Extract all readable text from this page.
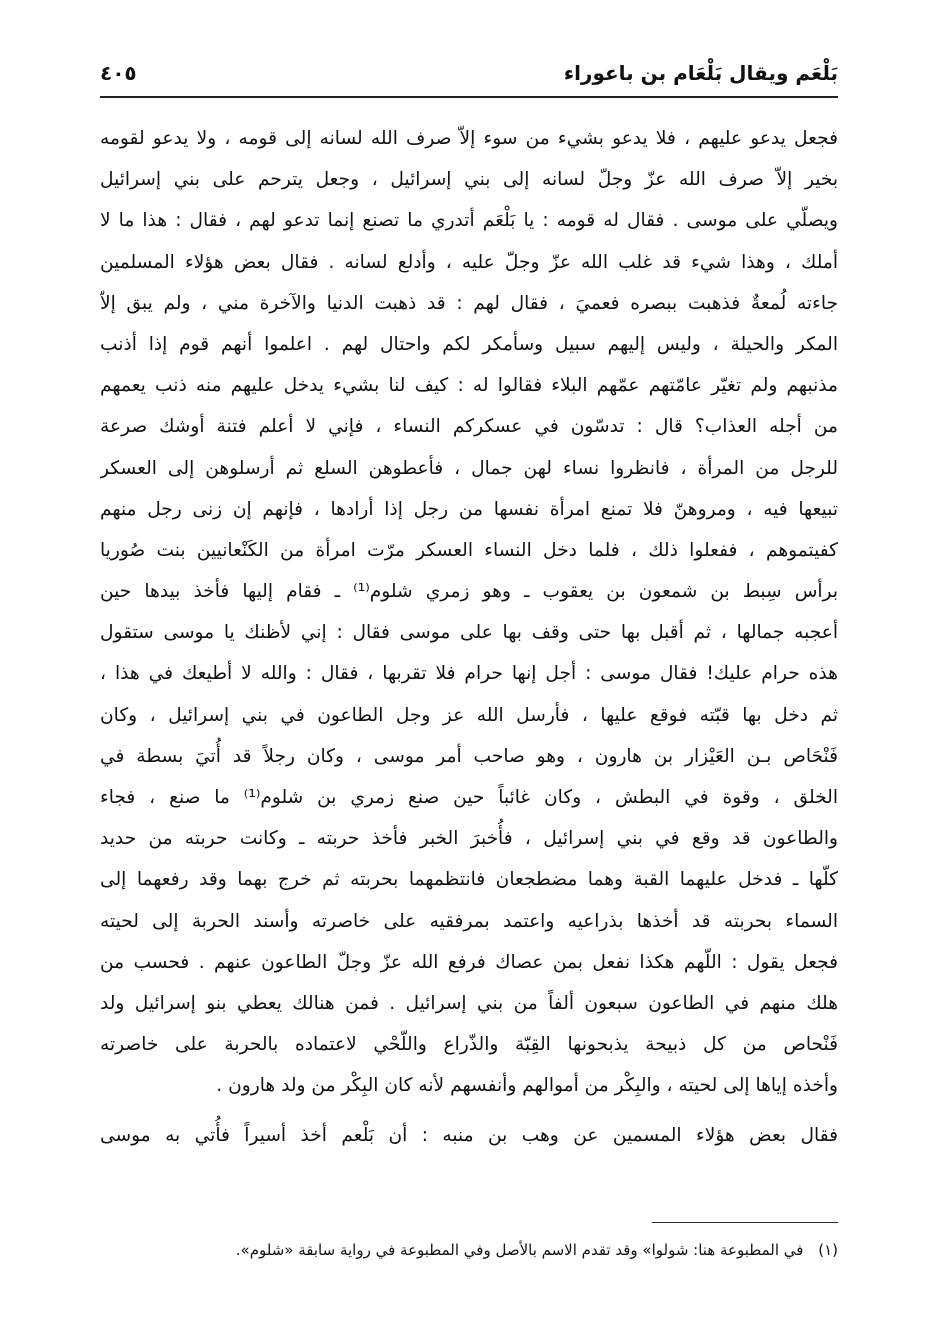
بَلْعَم ويقال بَلْعَام بن باعوراء
٤٠٥
فجعل يدعو عليهم ، فلا يدعو بشيء من سوء إلاّ صرف الله لسانه إلى قومه ، ولا يدعو لقومه
بخير إلاّ صرف الله عزّ وجلّ لسانه إلى بني إسرائيل ، وجعل يترحم على بني إسرائيل
ويصلّي على موسى . فقال له قومه : يا بَلْعَم أتدري ما تصنع إنما تدعو لهم ، فقال : هذا ما لا
أملك ، وهذا شيء قد غلب الله عزّ وجلّ عليه ، وأدلع لسانه . فقال بعض هؤلاء المسلمين
جاءته لُمعةٌ فذهبت ببصره فعميَ ، فقال لهم : قد ذهبت الدنيا والآخرة مني ، ولم يبق إلاّ
المكر والحيلة ، وليس إليهم سبيل وسأمكر لكم واحتال لهم . اعلموا أنهم قوم إذا أذنب
مذنبهم ولم تغيّر عامّتهم عمّهم البلاء فقالوا له : كيف لنا بشيء يدخل عليهم منه ذنب يعمهم
من أجله العذاب؟ قال : تدسّون في عسكركم النساء ، فإني لا أعلم فتنة أوشك صرعة
للرجل من المرأة ، فانظروا نساء لهن جمال ، فأعطوهن السلع ثم أرسلوهن إلى العسكر
تبيعها فيه ، ومروهنّ فلا تمنع امرأة نفسها من رجل إذا أرادها ، فإنهم إن زنى رجل منهم
كفيتموهم ، ففعلوا ذلك ، فلما دخل النساء العسكر مرّت امرأة من الكَنْعانيين بنت صُوريا
برأس سِبط بن شمعون بن يعقوب ـ وهو زمري شلوم⁽¹⁾ ـ فقام إليها فأخذ بيدها حين
أعجبه جمالها ، ثم أقبل بها حتى وقف بها على موسى فقال : إني لأظنك يا موسى ستقول
هذه حرام عليك! فقال موسى : أجل إنها حرام فلا تقربها ، فقال : والله لا أطيعك في هذا ،
ثم دخل بها قبّته فوقع عليها ، فأرسل الله عز وجل الطاعون في بني إسرائيل ، وكان
فَنْحَاص بـن العَيْزار بن هارون ، وهو صاحب أمر موسى ، وكان رجلاً قد أُتيَ بسطة في
الخلق ، وقوة في البطش ، وكان غائباً حين صنع زمري بن شلوم⁽¹⁾ ما صنع ، فجاء
والطاعون قد وقع في بني إسرائيل ، فأُخبرَ الخبر فأخذ حربته ـ وكانت حربته من حديد
كلّها ـ فدخل عليهما القبة وهما مضطجعان فانتظمهما بحربته ثم خرج بهما وقد رفعهما إلى
السماء بحربته قد أخذها بذراعيه واعتمد بمرفقيه على خاصرته وأسند الحربة إلى لحيته
فجعل يقول : اللّهم هكذا نفعل بمن عصاك فرفع الله عزّ وجلّ الطاعون عنهم . فحسب من
هلك منهم في الطاعون سبعون ألفاً من بني إسرائيل . فمن هنالك يعطي بنو إسرائيل ولد
فَنْحاص من كل ذبيحة يذبحونها القِبّة والذّراع واللّحْي لاعتماده بالحربة على خاصرته
وأخذه إياها إلى لحيته ، والبِكْر من أموالهم وأنفسهم لأنه كان البِكْر من ولد هارون .
فقال بعض هؤلاء المسمين عن وهب بن منبه : أن بَلْعم أخذ أسيراً فأُتي به موسى
(١) في المطبوعة هنا: شولوا» وقد تقدم الاسم بالأصل وفي المطبوعة في رواية سابقة «شلوم».
